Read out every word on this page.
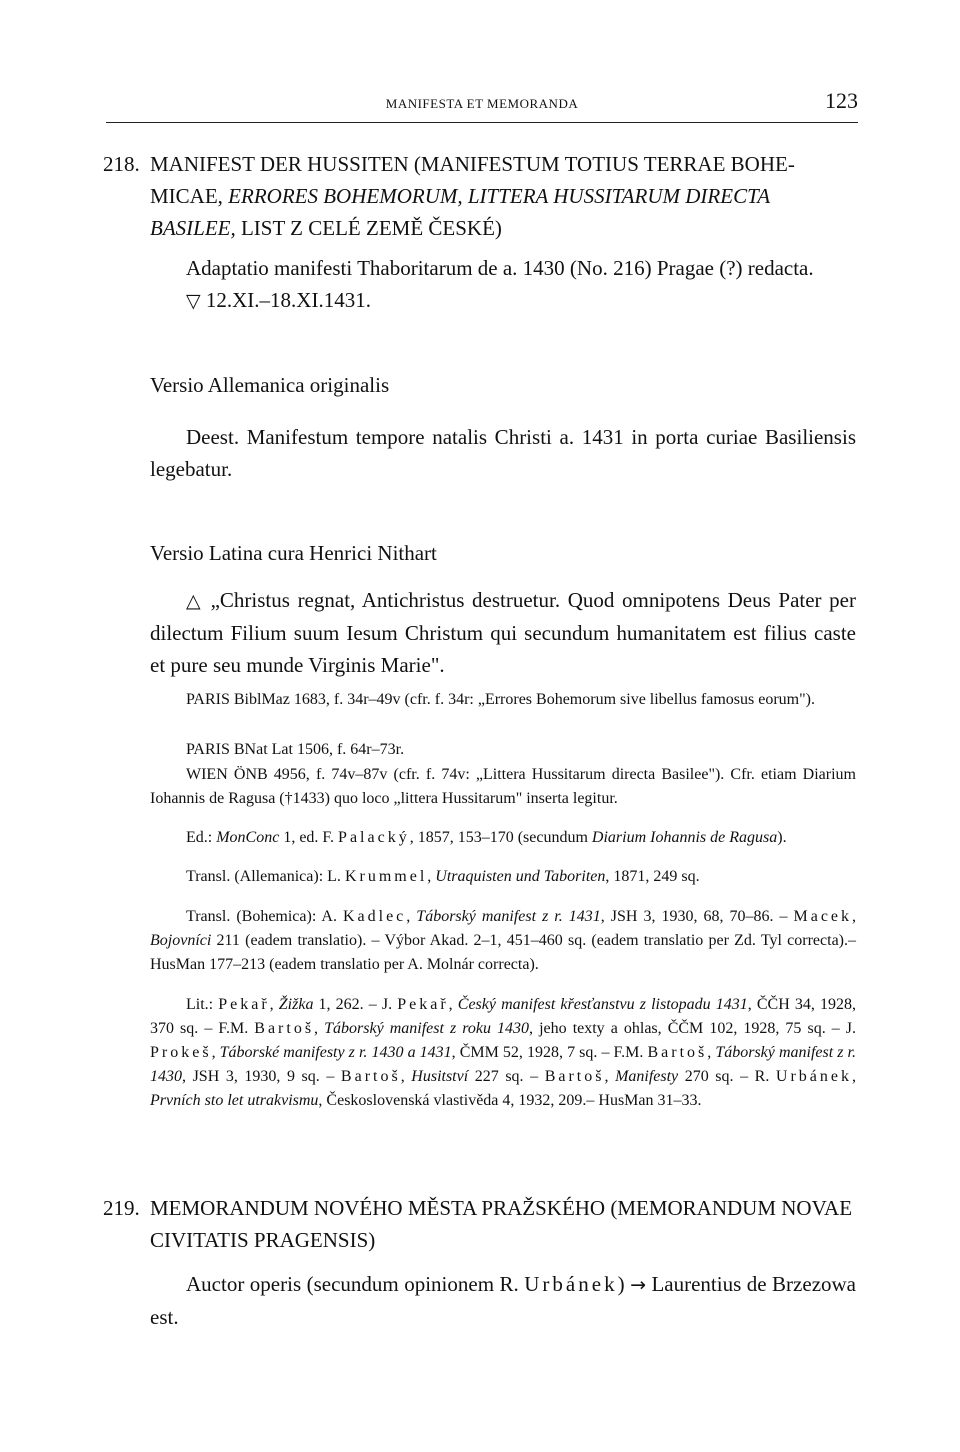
MANIFESTA ET MEMORANDA	123
218. MANIFEST DER HUSSITEN (MANIFESTUM TOTIUS TERRAE BOHE-
MICAE, ERRORES BOHEMORUM, LITTERA HUSSITARUM DIRECTA
BASILEE, LIST Z CELÉ ZEMĚ ČESKÉ)

Adaptatio manifesti Thaboritarum de a. 1430 (No. 216) Pragae (?) redacta.
▽ 12.XI.–18.XI.1431.

Versio Allemanica originalis

Deest. Manifestum tempore natalis Christi a. 1431 in porta curiae Basiliensis legebatur.

Versio Latina cura Henrici Nithart

△ „Christus regnat, Antichristus destruetur. Quod omnipotens Deus Pater per dilectum Filium suum Iesum Christum qui secundum humanitatem est filius caste et pure seu munde Virginis Marie".

PARIS BiblMaz 1683, f. 34r–49v (cfr. f. 34r: „Errores Bohemorum sive libellus famosus eorum").

PARIS BNat Lat 1506, f. 64r–73r.

WIEN ÖNB 4956, f. 74v–87v (cfr. f. 74v: „Littera Hussitarum directa Basilee"). Cfr. etiam Diarium Iohannis de Ragusa (†1433) quo loco „littera Hussitarum" inserta legitur.

Ed.: MonConc 1, ed. F. Palacký, 1857, 153–170 (secundum Diarium Iohannis de Ragusa).

Transl. (Allemanica): L. Krummel, Utraquisten und Taboriten, 1871, 249 sq.

Transl. (Bohemica): A. Kadlec, Táborský manifest z r. 1431, JSH 3, 1930, 68, 70–86. – Macek, Bojovníci 211 (eadem translatio). – Výbor Akad. 2–1, 451–460 sq. (eadem translatio per Zd. Tyl correcta).– HusMan 177–213 (eadem translatio per A. Molnár correcta).

Lit.: Pekař, Žižka 1, 262. – J. Pekař, Český manifest křesťanstvu z listopadu 1431, ČČH 34, 1928, 370 sq. – F.M. Bartoš, Táborský manifest z roku 1430, jeho texty a ohlas, ČČM 102, 1928, 75 sq. – J. Prokeš, Táborské manifesty z r. 1430 a 1431, ČMM 52, 1928, 7 sq. – F.M. Bartoš, Táborský manifest z r. 1430, JSH 3, 1930, 9 sq. – Bartoš, Husitství 227 sq. – Bartoš, Manifesty 270 sq. – R. Urbánek, Prvních sto let utrakvismu, Československá vlastivěda 4, 1932, 209.– HusMan 31–33.

219. MEMORANDUM NOVÉHO MĚSTA PRAŽSKÉHO (MEMORANDUM NOVAE CIVITATIS PRAGENSIS)

Auctor operis (secundum opinionem R. Urbánek) → Laurentius de Brzezowa est.
